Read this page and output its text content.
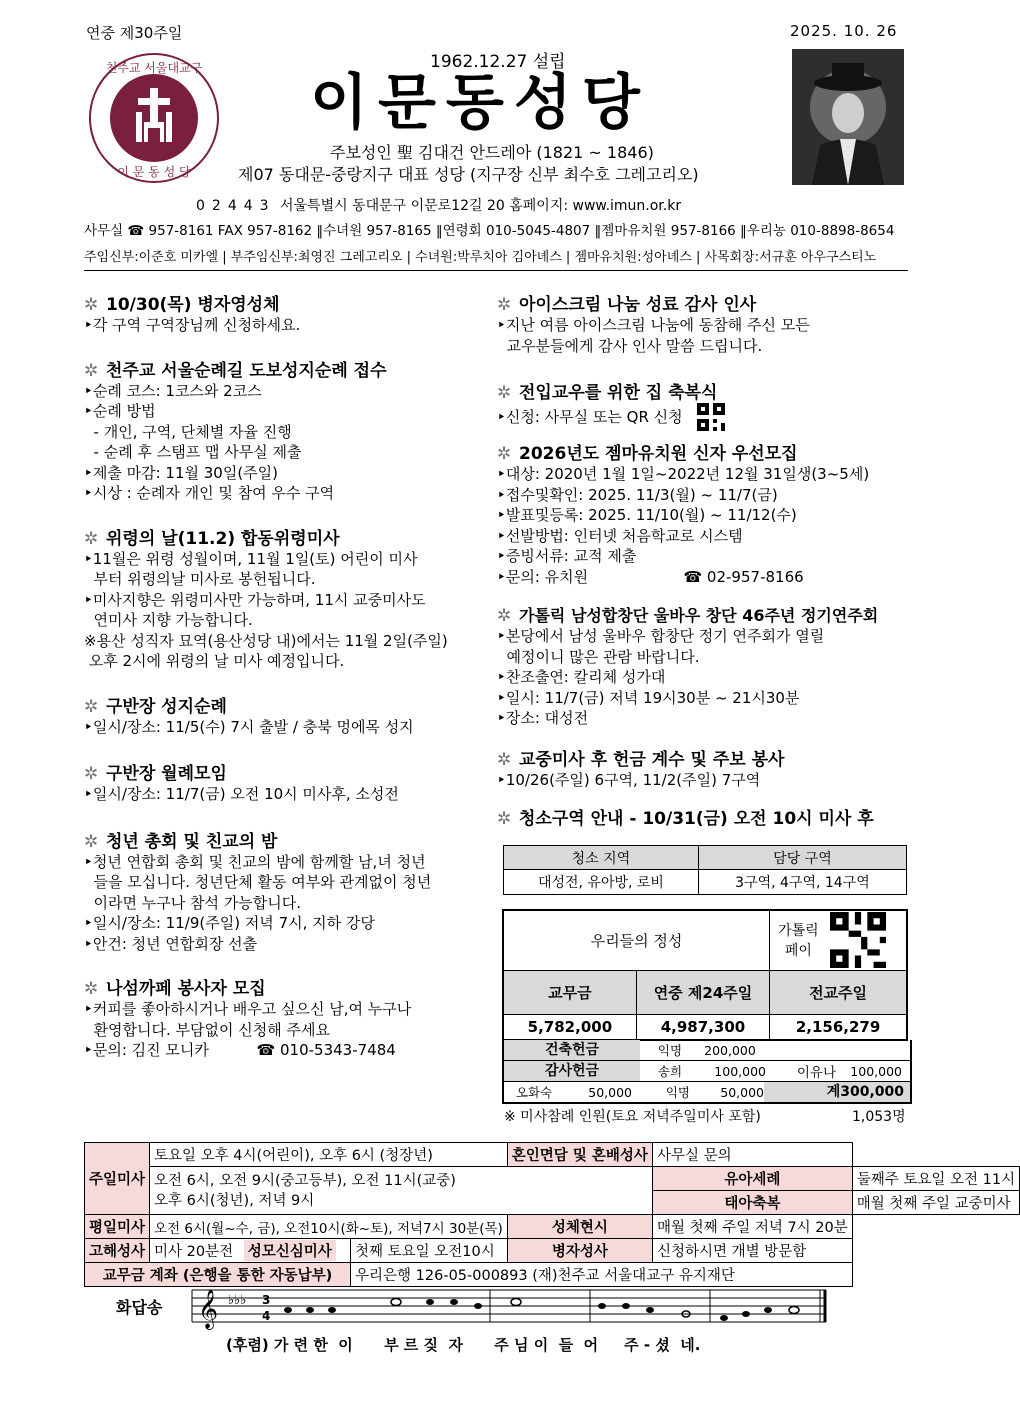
연중 제30주일	2025. 10. 26
천주교 서울대교구
이 문 동 성 당
1962.12.27 설립
이문동성당
주보성인 聖 김대건 안드레아 (1821 ~ 1846)
제07 동대문-중랑지구 대표 성당 (지구장 신부 최수호 그레고리오)
02443 서울특별시 동대문구 이문로12길 20 홈페이지: www.imun.or.kr
사무실 ☎ 957-8161 FAX 957-8162 ‖수녀원 957-8165 ‖연령회 010-5045-4807 ‖젬마유치원 957-8166 ‖우리농 010-8898-8654
주임신부:이준호 미카엘 | 부주임신부:최영진 그레고리오 | 수녀원:박루치아 김아녜스 | 젬마유치원:성아녜스 | 사목회장:서규훈 아우구스티노
✲ 10/30(목) 병자영성체
‣각 구역 구역장님께 신청하세요.
✲ 천주교 서울순례길 도보성지순례 접수
‣순례 코스: 1코스와 2코스
‣순례 방법
- 개인, 구역, 단체별 자율 진행
- 순례 후 스탬프 맵 사무실 제출
‣제출 마감: 11월 30일(주일)
‣시상 : 순례자 개인 및 참여 우수 구역
✲ 위령의 날(11.2) 합동위령미사
‣11월은 위령 성월이며, 11월 1일(토) 어린이 미사
부터 위령의날 미사로 봉헌됩니다.
‣미사지향은 위령미사만 가능하며, 11시 교중미사도
연미사 지향 가능합니다.
※용산 성직자 묘역(용산성당 내)에서는 11월 2일(주일)
오후 2시에 위령의 날 미사 예정입니다.
✲ 구반장 성지순례
‣일시/장소: 11/5(수) 7시 출발 / 충북 멍에목 성지
✲ 구반장 월례모임
‣일시/장소: 11/7(금) 오전 10시 미사후, 소성전
✲ 청년 총회 및 친교의 밤
‣청년 연합회 총회 및 친교의 밤에 함께할 남,녀 청년
들을 모십니다. 청년단체 활동 여부와 관계없이 청년
이라면 누구나 참석 가능합니다.
‣일시/장소: 11/9(주일) 저녁 7시, 지하 강당
‣안건: 청년 연합회장 선출
✲ 나섬까페 봉사자 모집
‣커피를 좋아하시거나 배우고 싶으신 남,여 누구나
환영합니다. 부담없이 신청해 주세요
‣문의: 김진 모니카          ☎ 010-5343-7484
✲ 아이스크림 나눔 성료 감사 인사
‣지난 여름 아이스크림 나눔에 동참해 주신 모든
교우분들에게 감사 인사 말씀 드립니다.
✲ 전입교우를 위한 집 축복식
‣신청: 사무실 또는 QR 신청
✲ 2026년도 젬마유치원 신자 우선모집
‣대상: 2020년 1월 1일~2022년 12월 31일생(3~5세)
‣접수및확인: 2025. 11/3(월) ~ 11/7(금)
‣발표및등록: 2025. 11/10(월) ~ 11/12(수)
‣선발방법: 인터넷 처음학교로 시스템
‣증빙서류: 교적 제출
‣문의: 유치원                    ☎ 02-957-8166
✲ 가톨릭 남성합창단 울바우 창단 46주년 정기연주회
‣본당에서 남성 울바우 합창단 정기 연주회가 열릴
예정이니 많은 관람 바랍니다.
‣찬조출연: 칼리체 성가대
‣일시: 11/7(금) 저녁 19시30분 ~ 21시30분
‣장소: 대성전
✲ 교중미사 후 헌금 계수 및 주보 봉사
‣10/26(주일) 6구역, 11/2(주일) 7구역
✲ 청소구역 안내 - 10/31(금) 오전 10시 미사 후
청소 지역	담당 구역
대성전, 유아방, 로비	3구역, 4구역, 14구역
우리들의 정성		가톨릭
페이
교무금	연중 제24주일	전교주일
5,782,000	4,987,300	2,156,279
건축헌금	익명	200,000
감사헌금	송희	100,000	이유나	100,000
오화숙	50,000	익명	50,000	계300,000
※ 미사참례 인원(토요 저녁주일미사 포함)	1,053명
주일미사	토요일 오후 4시(어린이), 오후 6시 (청장년)		혼인면담 및 혼배성사	사무실 문의	

	오전 6시, 오전 9시(중고등부), 오전 11시(교중)
오후 6시(청년), 저녁 9시			유아세례	둘째주 토요일 오전 11시
				태아축복	매월 첫째 주일 교중미사
평일미사	오전 6시(월~수, 금), 오전10시(화~토), 저녁7시 30분(목)		성체현시	매월 첫째 주일 저녁 7시 20분	
고해성사	미사 20분전 성모신심미사	첫째 토요일 오전10시	병자성사	신청하시면 개별 방문함	
교무금 계좌 (은행을 통한 자동납부)		우리은행 126-05-000893 (재)천주교 서울대교구 유지재단			
화답송 𝄞 ♭♭♭ 3
4
(후렴) 가 련 한  이      부 르 짖  자      주 님 이  들  어     주 - 셨  네.
